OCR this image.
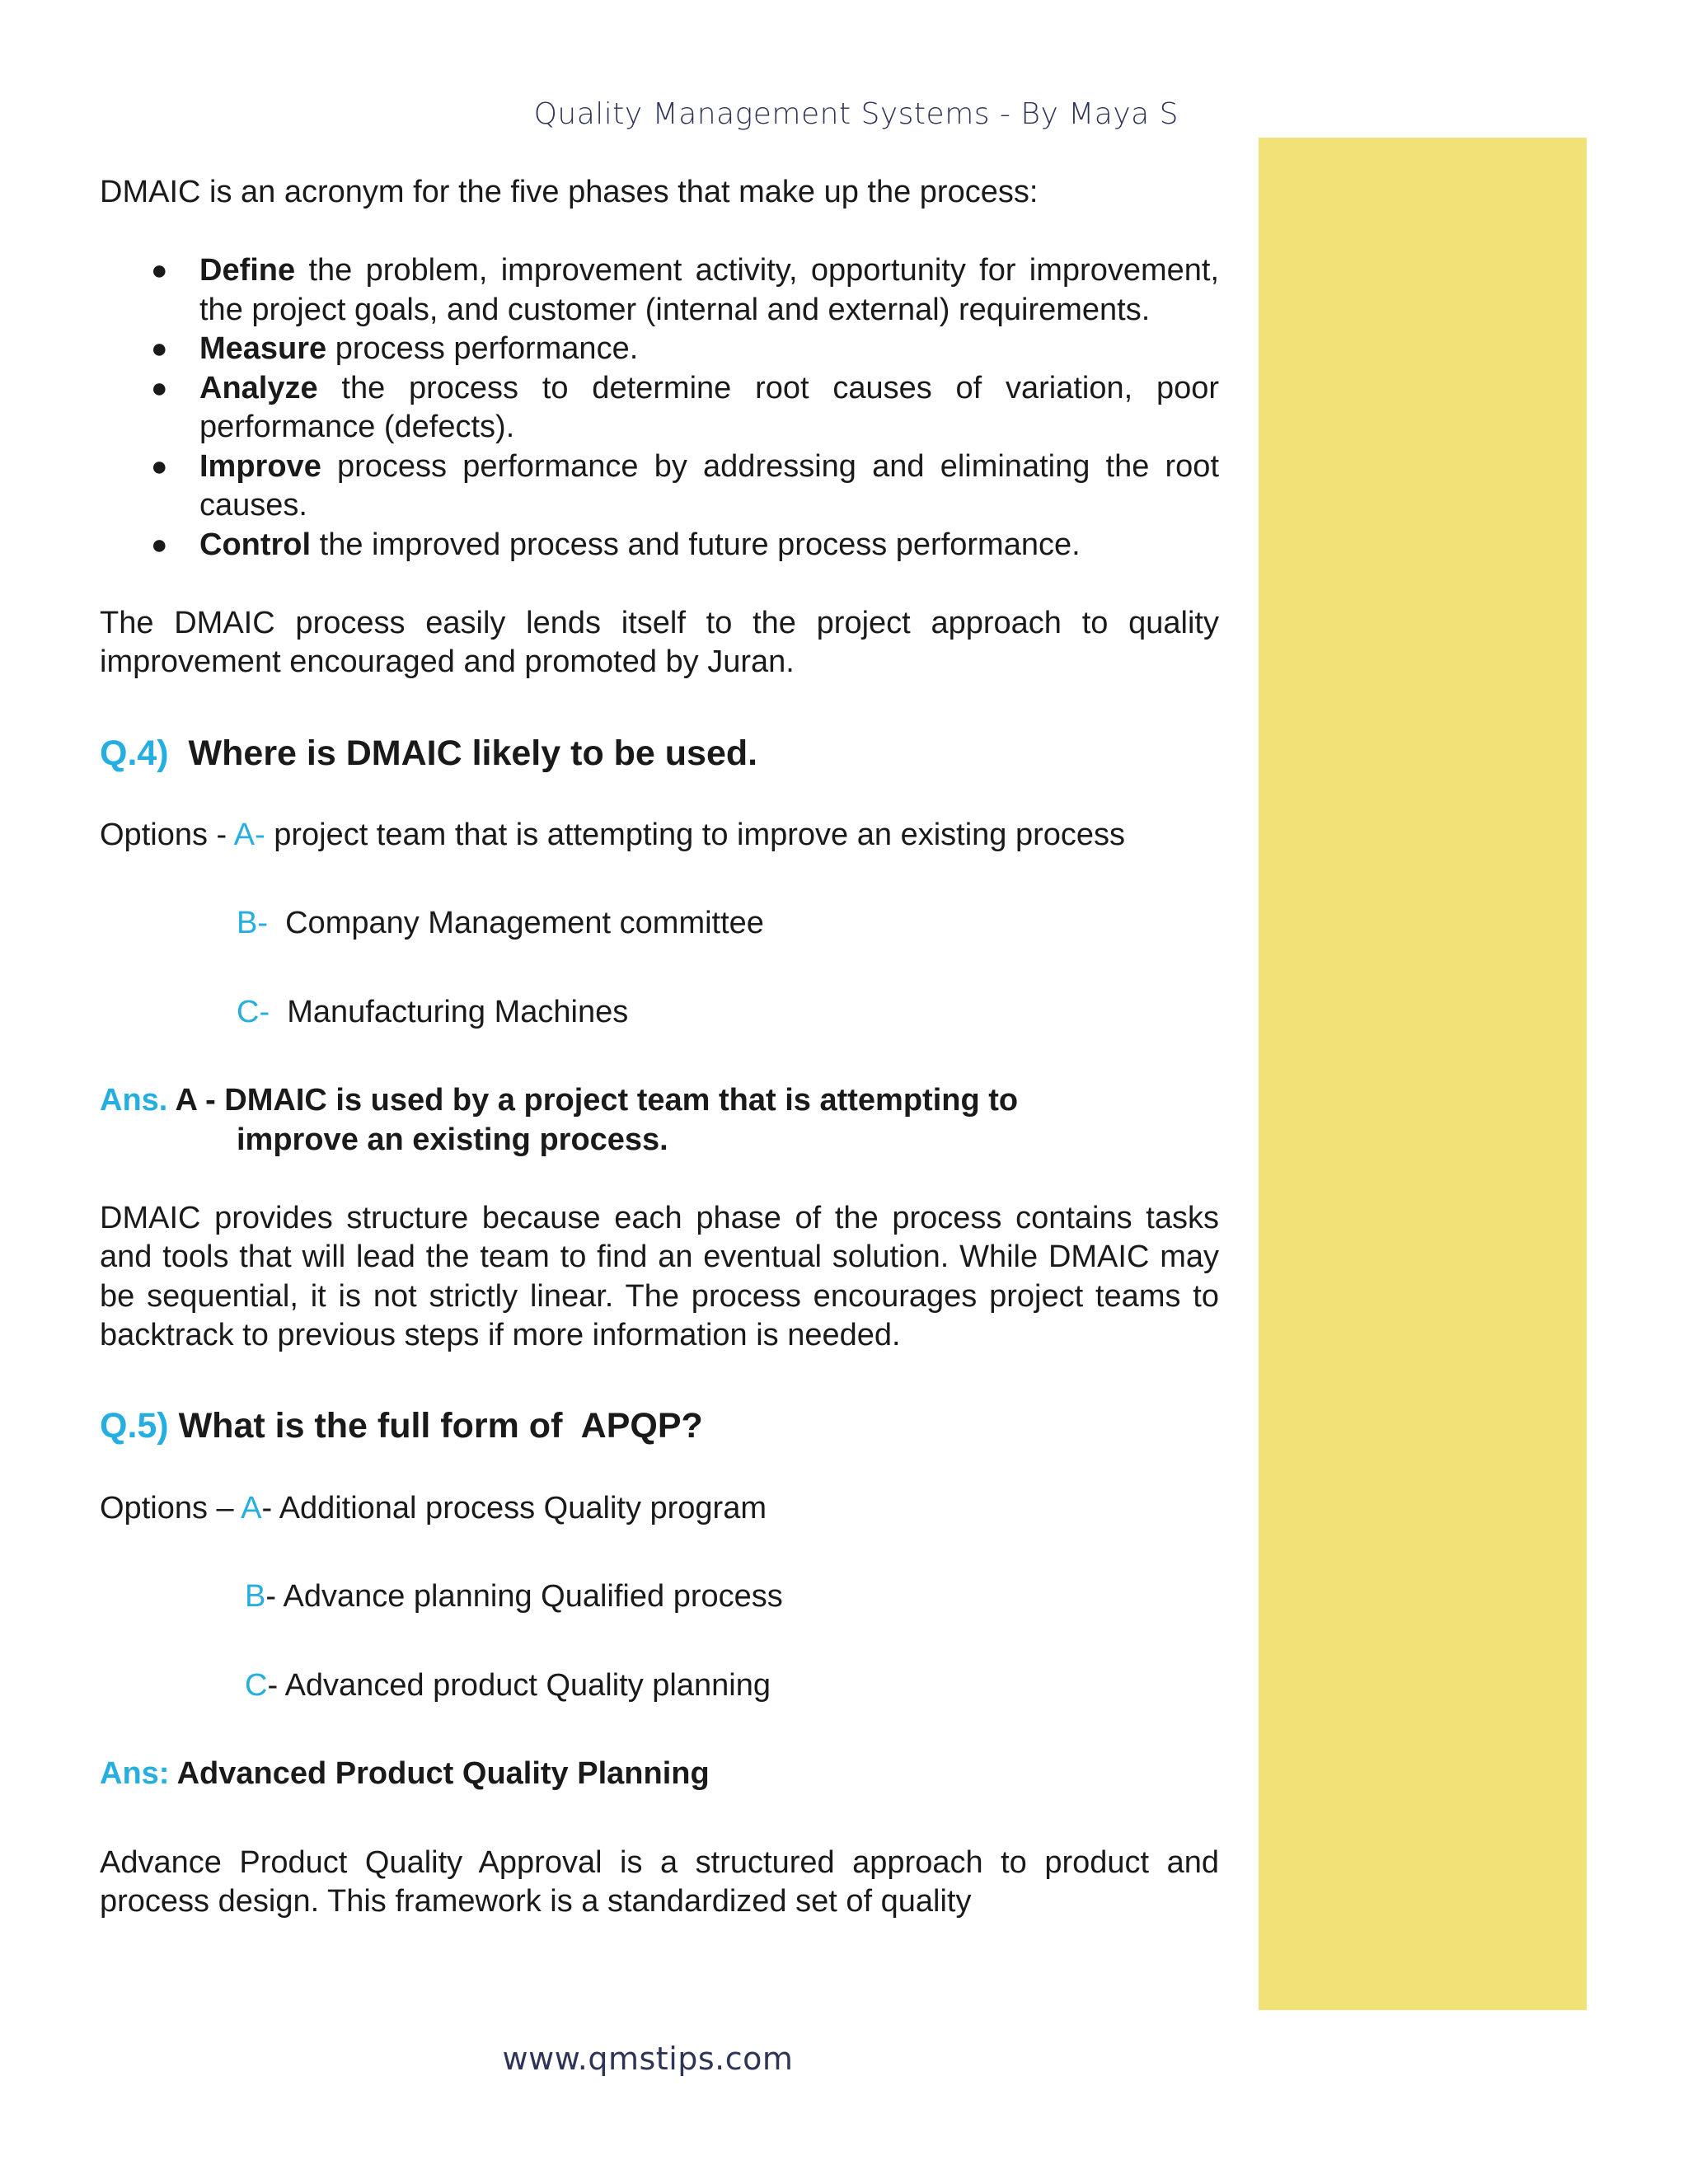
Quality Management Systems - By Maya S

DMAIC is an acronym for the five phases that make up the process:

● Define the problem, improvement activity, opportunity for improvement, the project goals, and customer (internal and external) requirements.
● Measure process performance.
● Analyze the process to determine root causes of variation, poor performance (defects).
● Improve process performance by addressing and eliminating the root causes.
● Control the improved process and future process performance.

The DMAIC process easily lends itself to the project approach to quality improvement encouraged and promoted by Juran.

Q.4) Where is DMAIC likely to be used.

Options - A- project team that is attempting to improve an existing process

B-  Company Management committee

C-  Manufacturing Machines

Ans. A - DMAIC is used by a project team that is attempting to

improve an existing process.

DMAIC provides structure because each phase of the process contains tasks and tools that will lead the team to find an eventual solution. While DMAIC may be sequential, it is not strictly linear. The process encourages project teams to backtrack to previous steps if more information is needed.

Q.5) What is the full form of  APQP?

Options – A- Additional process Quality program

B- Advance planning Qualified process

C- Advanced product Quality planning

Ans: Advanced Product Quality Planning

Advance Product Quality Approval is a structured approach to product and process design. This framework is a standardized set of quality

www.qmstips.com
